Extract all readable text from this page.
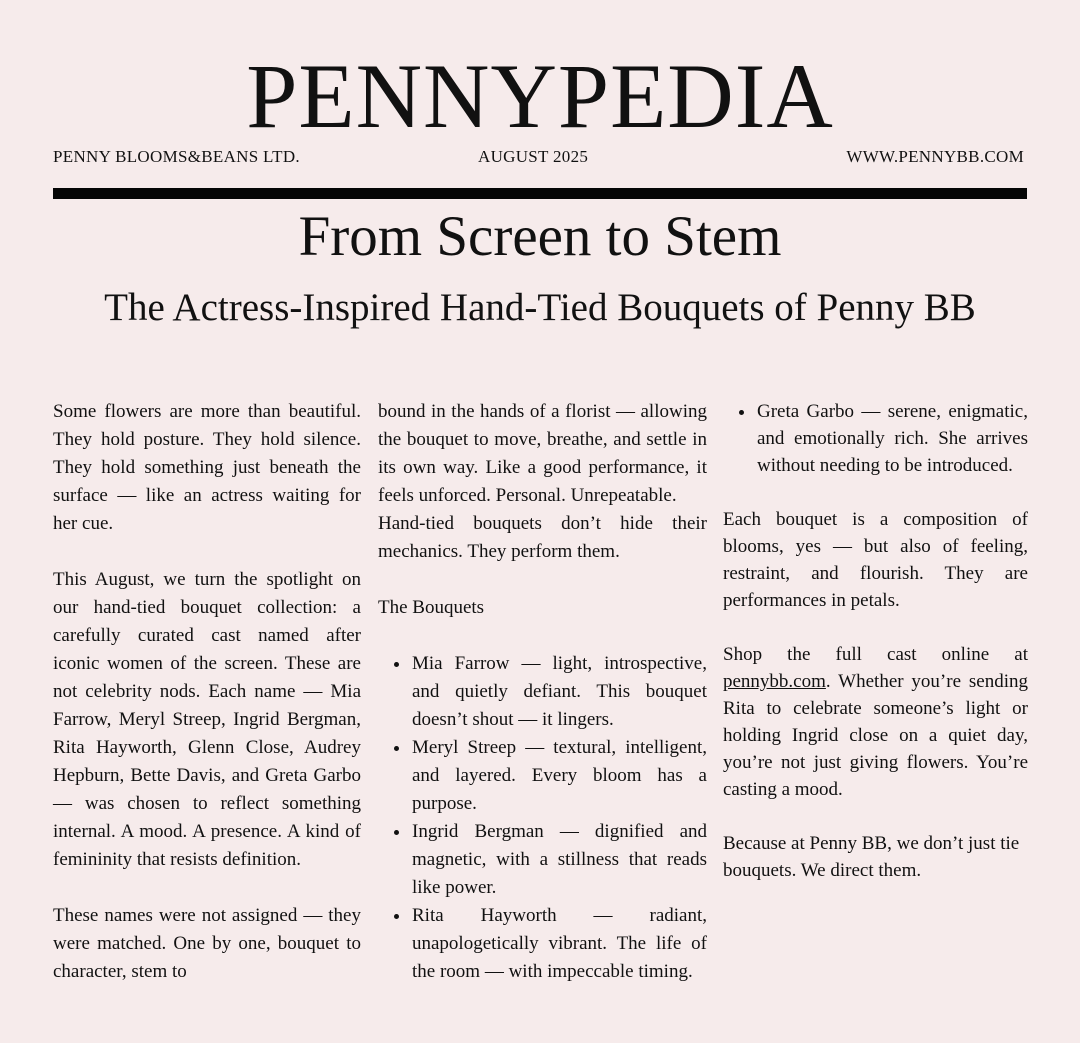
PENNYPEDIA
PENNY BLOOMS&BEANS LTD.	AUGUST 2025	WWW.PENNYBB.COM
From Screen to Stem
The Actress-Inspired Hand-Tied Bouquets of Penny BB

Some flowers are more than beautiful. They hold posture. They hold silence. They hold something just beneath the surface — like an actress waiting for her cue.

This August, we turn the spotlight on our hand-tied bouquet collection: a carefully curated cast named after iconic women of the screen. These are not celebrity nods. Each name — Mia Farrow, Meryl Streep, Ingrid Bergman, Rita Hayworth, Glenn Close, Audrey Hepburn, Bette Davis, and Greta Garbo — was chosen to reflect something internal. A mood. A presence. A kind of femininity that resists definition.

These names were not assigned — they were matched. One by one, bouquet to character, stem to

bound in the hands of a florist — allowing the bouquet to move, breathe, and settle in its own way. Like a good performance, it feels unforced. Personal. Unrepeatable.

Hand-tied bouquets don’t hide their mechanics. They perform them.

The Bouquets

Mia Farrow — light, introspective, and quietly defiant. This bouquet doesn’t shout — it lingers.
Meryl Streep — textural, intelligent, and layered. Every bloom has a purpose.
Ingrid Bergman — dignified and magnetic, with a stillness that reads like power.
Rita Hayworth — radiant, unapologetically vibrant. The life of the room — with impeccable timing.
Greta Garbo — serene, enigmatic, and emotionally rich. She arrives without needing to be introduced.

Each bouquet is a composition of blooms, yes — but also of feeling, restraint, and flourish. They are performances in petals.

Shop the full cast online at pennybb.com. Whether you’re sending Rita to celebrate someone’s light or holding Ingrid close on a quiet day, you’re not just giving flowers. You’re casting a mood.

Because at Penny BB, we don’t just tie bouquets. We direct them.
